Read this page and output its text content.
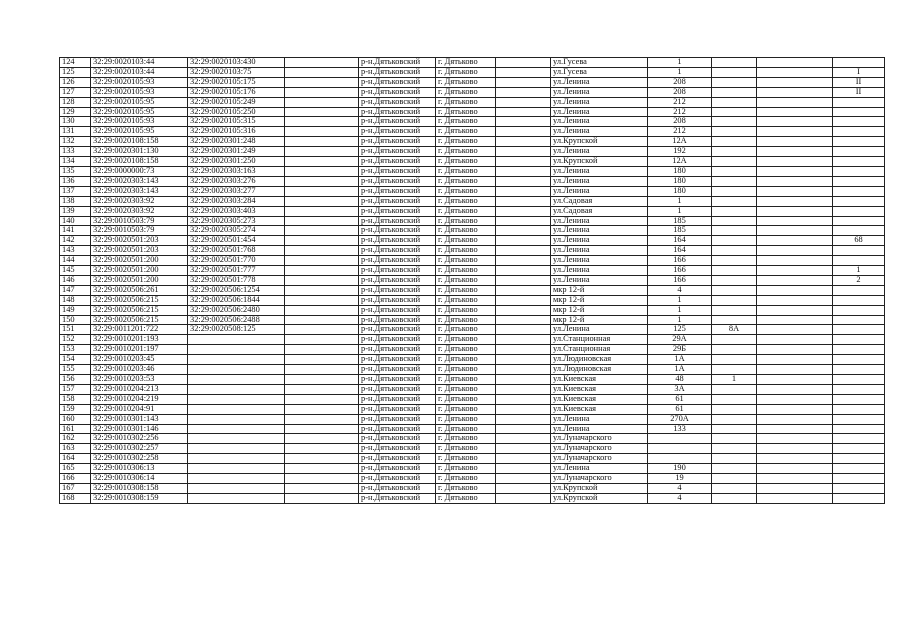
124	32:29:0020103:44	32:29:0020103:430		р-н.Дятьковский	г. Дятьково		ул.Гусева	1			
125	32:29:0020103:44	32:29:0020103:75		р-н.Дятьковский	г. Дятьково		ул.Гусева	1			I
126	32:29:0020105:93	32:29:0020105:175		р-н.Дятьковский	г. Дятьково		ул.Ленина	208			II
127	32:29:0020105:93	32:29:0020105:176		р-н.Дятьковский	г. Дятьково		ул.Ленина	208			II
128	32:29:0020105:95	32:29:0020105:249		р-н.Дятьковский	г. Дятьково		ул.Ленина	212			
129	32:29:0020105:95	32:29:0020105:250		р-н.Дятьковский	г. Дятьково		ул.Ленина	212			
130	32:29:0020105:93	32:29:0020105:315		р-н.Дятьковский	г. Дятьково		ул.Ленина	208			
131	32:29:0020105:95	32:29:0020105:316		р-н.Дятьковский	г. Дятьково		ул.Ленина	212			
132	32:29:0020108:158	32:29:0020301:248		р-н.Дятьковский	г. Дятьково		ул.Крупской	12А			
133	32:29:0020301:130	32:29:0020301:249		р-н.Дятьковский	г. Дятьково		ул.Ленина	192			
134	32:29:0020108:158	32:29:0020301:250		р-н.Дятьковский	г. Дятьково		ул.Крупской	12А			
135	32:29:0000000:73	32:29:0020303:163		р-н.Дятьковский	г. Дятьково		ул.Ленина	180			
136	32:29:0020303:143	32:29:0020303:276		р-н.Дятьковский	г. Дятьково		ул.Ленина	180			
137	32:29:0020303:143	32:29:0020303:277		р-н.Дятьковский	г. Дятьково		ул.Ленина	180			
138	32:29:0020303:92	32:29:0020303:284		р-н.Дятьковский	г. Дятьково		ул.Садовая	1			
139	32:29:0020303:92	32:29:0020303:403		р-н.Дятьковский	г. Дятьково		ул.Садовая	1			
140	32:29:0010503:79	32:29:0020305:273		р-н.Дятьковский	г. Дятьково		ул.Ленина	185			
141	32:29:0010503:79	32:29:0020305:274		р-н.Дятьковский	г. Дятьково		ул.Ленина	185			
142	32:29:0020501:203	32:29:0020501:454		р-н.Дятьковский	г. Дятьково		ул.Ленина	164			68
143	32:29:0020501:203	32:29:0020501:768		р-н.Дятьковский	г. Дятьково		ул.Ленина	164			
144	32:29:0020501:200	32:29:0020501:770		р-н.Дятьковский	г. Дятьково		ул.Ленина	166			
145	32:29:0020501:200	32:29:0020501:777		р-н.Дятьковский	г. Дятьково		ул.Ленина	166			1
146	32:29:0020501:200	32:29:0020501:778		р-н.Дятьковский	г. Дятьково		ул.Ленина	166			2
147	32:29:0020506:261	32:29:0020506:1254		р-н.Дятьковский	г. Дятьково		мкр 12-й	4			
148	32:29:0020506:215	32:29:0020506:1844		р-н.Дятьковский	г. Дятьково		мкр 12-й	1			
149	32:29:0020506:215	32:29:0020506:2480		р-н.Дятьковский	г. Дятьково		мкр 12-й	1			
150	32:29:0020506:215	32:29:0020506:2488		р-н.Дятьковский	г. Дятьково		мкр 12-й	1			
151	32:29:0011201:722	32:29:0020508:125		р-н.Дятьковский	г. Дятьково		ул.Ленина	125	8А		
152	32:29:0010201:193			р-н.Дятьковский	г. Дятьково		ул.Станционная	29А			
153	32:29:0010201:197			р-н.Дятьковский	г. Дятьково		ул.Станционная	29Б			
154	32:29:0010203:45			р-н.Дятьковский	г. Дятьково		ул.Людиновская	1А			
155	32:29:0010203:46			р-н.Дятьковский	г. Дятьково		ул.Людиновская	1А			
156	32:29:0010203:53			р-н.Дятьковский	г. Дятьково		ул.Киевская	48	1		
157	32:29:0010204:213			р-н.Дятьковский	г. Дятьково		ул.Киевская	3А			
158	32:29:0010204:219			р-н.Дятьковский	г. Дятьково		ул.Киевская	61			
159	32:29:0010204:91			р-н.Дятьковский	г. Дятьково		ул.Киевская	61			
160	32:29:0010301:143			р-н.Дятьковский	г. Дятьково		ул.Ленина	270А			
161	32:29:0010301:146			р-н.Дятьковский	г. Дятьково		ул.Ленина	133			
162	32:29:0010302:256			р-н.Дятьковский	г. Дятьково		ул.Луначарского				
163	32:29:0010302:257			р-н.Дятьковский	г. Дятьково		ул.Луначарского				
164	32:29:0010302:258			р-н.Дятьковский	г. Дятьково		ул.Луначарского				
165	32:29:0010306:13			р-н.Дятьковский	г. Дятьково		ул.Ленина	190			
166	32:29:0010306:14			р-н.Дятьковский	г. Дятьково		ул.Луначарского	19			
167	32:29:0010308:158			р-н.Дятьковский	г. Дятьково		ул.Крупской	4			
168	32:29:0010308:159			р-н.Дятьковский	г. Дятьково		ул.Крупской	4			
